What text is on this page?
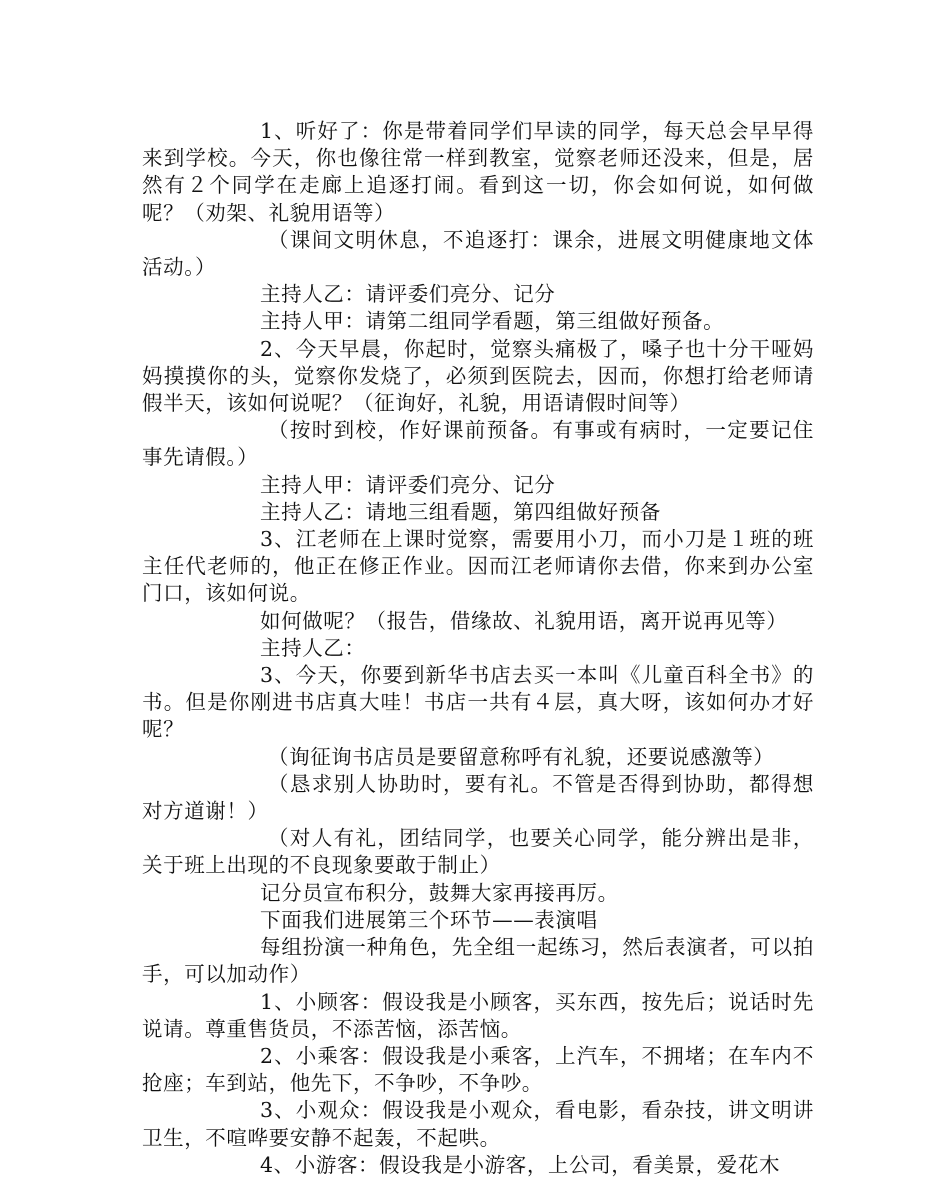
1、听好了：你是带着同学们早读的同学，每天总会早早得来到学校。今天，你也像往常一样到教室，觉察老师还没来，但是，居然有２个同学在走廊上追逐打闹。看到这一切，你会如何说，如何做呢？（劝架、礼貌用语等）

（课间文明休息，不追逐打：课余，进展文明健康地文体活动。）

主持人乙：请评委们亮分、记分

主持人甲：请第二组同学看题，第三组做好预备。

2、今天早晨，你起时，觉察头痛极了，嗓子也十分干哑妈妈摸摸你的头，觉察你发烧了，必须到医院去，因而，你想打给老师请假半天，该如何说呢？（征询好，礼貌，用语请假时间等）

（按时到校，作好课前预备。有事或有病时，一定要记住事先请假。）

主持人甲：请评委们亮分、记分

主持人乙：请地三组看题，第四组做好预备

3、江老师在上课时觉察，需要用小刀，而小刀是１班的班主任代老师的，他正在修正作业。因而江老师请你去借，你来到办公室门口，该如何说。

如何做呢？（报告，借缘故、礼貌用语，离开说再见等）

主持人乙：

3、今天，你要到新华书店去买一本叫《儿童百科全书》的书。但是你刚进书店真大哇！书店一共有４层，真大呀，该如何办才好呢？

（询征询书店员是要留意称呼有礼貌，还要说感激等）

（恳求别人协助时，要有礼。不管是否得到协助，都得想对方道谢！）

（对人有礼，团结同学，也要关心同学，能分辨出是非，关于班上出现的不良现象要敢于制止）

记分员宣布积分，鼓舞大家再接再厉。

下面我们进展第三个环节——表演唱

每组扮演一种角色，先全组一起练习，然后表演者，可以拍手，可以加动作）

1、小顾客：假设我是小顾客，买东西，按先后；说话时先说请。尊重售货员，不添苦恼，添苦恼。

2、小乘客：假设我是小乘客，上汽车，不拥堵；在车内不抢座；车到站，他先下，不争吵，不争吵。

3、小观众：假设我是小观众，看电影，看杂技，讲文明讲卫生，不喧哗要安静不起轰，不起哄。

4、小游客：假设我是小游客，上公司，看美景，爱花木
